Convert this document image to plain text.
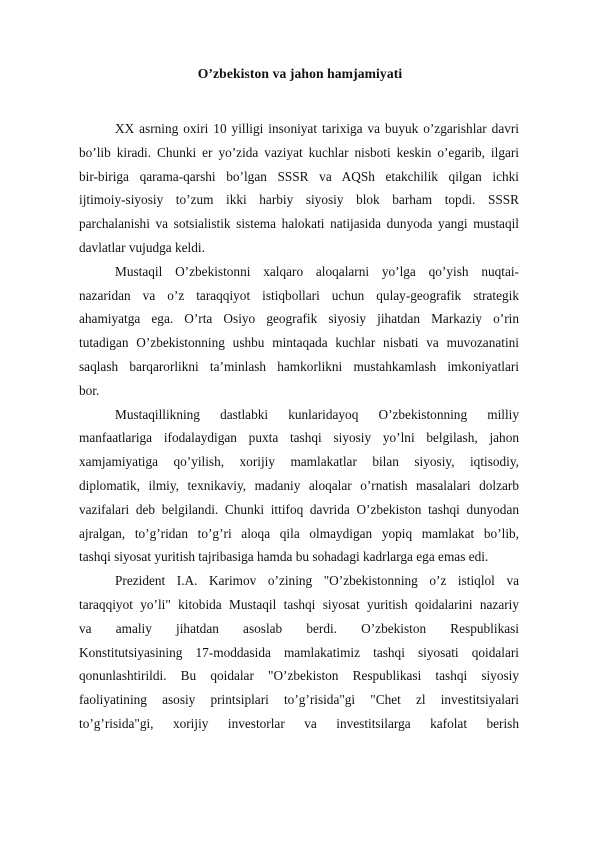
O’zbekiston va jahon hamjamiyati
XX asrning oxiri 10 yilligi insoniyat tarixiga va buyuk o’zgarishlar davri
bo’lib kiradi. Chunki er yo’zida vaziyat kuchlar nisboti keskin o’egarib, ilgari
bir-biriga qarama-qarshi bo’lgan SSSR va AQSh etakchilik qilgan ichki
ijtimoiy-siyosiy to’zum ikki harbiy siyosiy blok barham topdi. SSSR
parchalanishi va sotsialistik sistema halokati natijasida dunyoda yangi mustaqil
davlatlar vujudga keldi.
Mustaqil O’zbekistonni xalqaro aloqalarni yo’lga qo’yish nuqtai-
nazaridan va o’z taraqqiyot istiqbollari uchun qulay-geografik strategik
ahamiyatga ega. O’rta Osiyo geografik siyosiy jihatdan Markaziy o’rin
tutadigan O’zbekistonning ushbu mintaqada kuchlar nisbati va muvozanatini
saqlash barqarorlikni ta’minlash hamkorlikni mustahkamlash imkoniyatlari
bor.
Mustaqillikning dastlabki kunlaridayoq O’zbekistonning milliy
manfaatlariga ifodalaydigan puxta tashqi siyosiy yo’lni belgilash, jahon
xamjamiyatiga qo’yilish, xorijiy mamlakatlar bilan siyosiy, iqtisodiy,
diplomatik, ilmiy, texnikaviy, madaniy aloqalar o’rnatish masalalari dolzarb
vazifalari deb belgilandi. Chunki ittifoq davrida O’zbekiston tashqi dunyodan
ajralgan, to’g’ridan to’g’ri aloqa qila olmaydigan yopiq mamlakat bo’lib,
tashqi siyosat yuritish tajribasiga hamda bu sohadagi kadrlarga ega emas edi.
Prezident I.A. Karimov o’zining "O’zbekistonning o’z istiqlol va
taraqqiyot yo’li" kitobida Mustaqil tashqi siyosat yuritish qoidalarini nazariy
va amaliy jihatdan asoslab berdi. O’zbekiston Respublikasi
Konstitutsiyasining 17-moddasida mamlakatimiz tashqi siyosati qoidalari
qonunlashtirildi. Bu qoidalar "O’zbekiston Respublikasi tashqi siyosiy
faoliyatining asosiy printsiplari to’g’risida"gi "Chet zl investitsiyalari
to’g’risida"gi, xorijiy investorlar va investitsilarga kafolat berish
